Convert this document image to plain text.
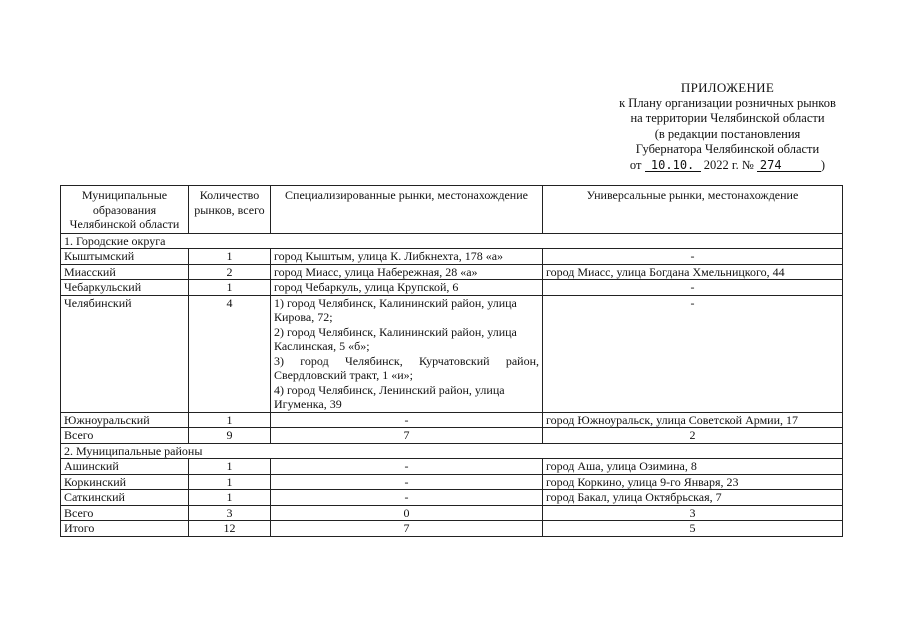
ПРИЛОЖЕНИЕ
к Плану организации розничных рынков
на территории Челябинской области
(в редакции постановления
Губернатора Челябинской области
от 10.10. 2022 г. № 274	)
Муниципальные образования Челябинской области	Количество рынков, всего	Специализированные рынки, местонахождение	Универсальные рынки, местонахождение
1. Городские округа			
Кыштымский	1	город Кыштым, улица К. Либкнехта, 178 «а»	-
Миасский	2	город Миасс, улица Набережная, 28 «а»	город Миасс, улица Богдана Хмельницкого, 44
Чебаркульский	1	город Чебаркуль, улица Крупской, 6	-
Челябинский	4	1) город Челябинск, Калининский район, улица Кирова, 72;
2) город Челябинск, Калининский район, улица Каслинская, 5 «б»;
3) город Челябинск, Курчатовский район, Свердловский тракт, 1 «и»;
4) город Челябинск, Ленинский район, улица Игуменка, 39	-
Южноуральский	1	-	город Южноуральск, улица Советской Армии, 17
Всего	9	7	2
2. Муниципальные районы			
Ашинский	1	-	город Аша, улица Озимина, 8
Коркинский	1	-	город Коркино, улица 9-го Января, 23
Саткинский	1	-	город Бакал, улица Октябрьская, 7
Всего	3	0	3
Итого	12	7	5
